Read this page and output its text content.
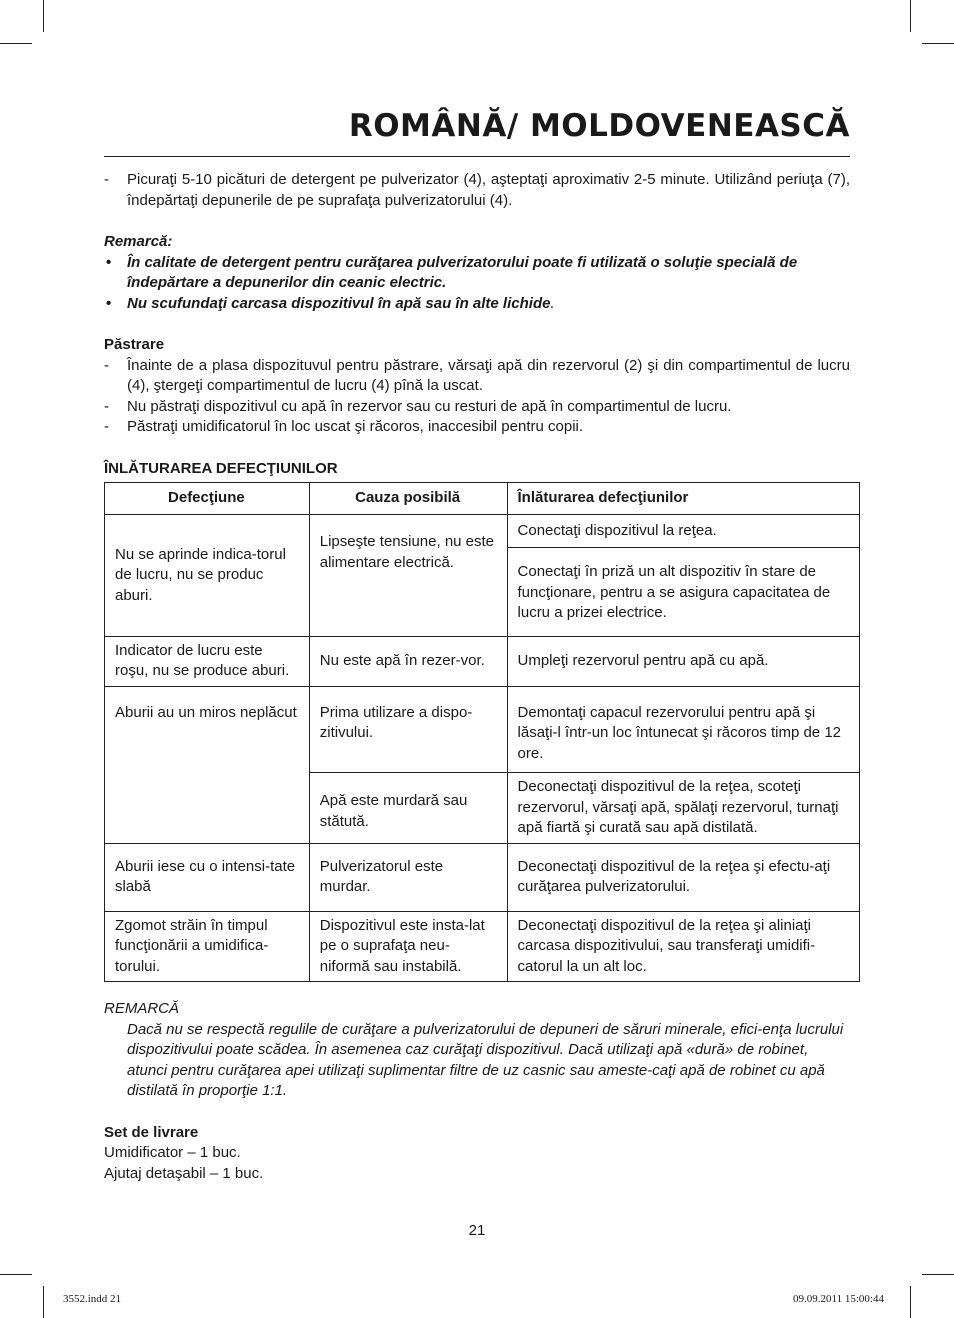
ROMÂNĂ/ MOLDOVENEASCĂ
- Picuraţi 5-10 picături de detergent pe pulverizator (4), aşteptaţi aproximativ 2-5 minute. Utilizând periuţa (7), îndepărtaţi depunerile de pe suprafaţa pulverizatorului (4).
Remarcă:
• În calitate de detergent pentru curăţarea pulverizatorului poate fi utilizată o soluţie specială de îndepărtare a depunerilor din ceanic electric.
• Nu scufundaţi carcasa dispozitivul în apă sau în alte lichide.
Păstrare
- Înainte de a plasa dispozituvul pentru păstrare, vărsaţi apă din rezervorul (2) şi din compartimentul de lucru (4), ştergeţi compartimentul de lucru (4) pînă la uscat.
- Nu păstraţi dispozitivul cu apă în rezervor sau cu resturi de apă în compartimentul de lucru.
- Păstraţi umidificatorul în loc uscat şi răcoros, inaccesibil pentru copii.
ÎNLĂTURAREA DEFECŢIUNILOR
Defecţiune	Cauza posibilă	Înlăturarea defecţiunilor
Nu se aprinde indica-torul de lucru, nu se produc aburi.	Lipseşte tensiune, nu este alimentare electrică.	Conectaţi dispozitivul la reţea.
		Conectaţi în priză un alt dispozitiv în stare de funcţionare, pentru a se asigura capacitatea de lucru a prizei electrice.
Indicator de lucru este roşu, nu se produce aburi.	Nu este apă în rezer-vor.	Umpleţi rezervorul pentru apă cu apă.
Aburii au un miros neplăcut	Prima utilizare a dispo-zitivului.	Demontaţi capacul rezervorului pentru apă şi lăsaţi-l într-un loc întunecat şi răcoros timp de 12 ore.
	Apă este murdară sau stătută.	Deconectaţi dispozitivul de la reţea, scoteţi rezervorul, vărsaţi apă, spălaţi rezervorul, turnaţi apă fiartă şi curată sau apă distilată.
Aburii iese cu o intensi-tate slabă	Pulverizatorul este murdar.	Deconectaţi dispozitivul de la reţea şi efectu-aţi curăţarea pulverizatorului.
Zgomot străin în timpul funcţionării a umidifica-torului.	Dispozitivul este insta-lat pe o suprafaţa neu-niformă sau instabilă.	Deconectaţi dispozitivul de la reţea şi aliniaţi carcasa dispozitivului, sau transferaţi umidifi-catorul la un alt loc.
REMARCĂ
Dacă nu se respectă regulile de curăţare a pulverizatorului de depuneri de săruri minerale, efici-enţa lucrului dispozitivului poate scădea. În asemenea caz curăţaţi dispozitivul. Dacă utilizaţi apă «dură» de robinet, atunci pentru curăţarea apei utilizaţi suplimentar filtre de uz casnic sau ameste-caţi apă de robinet cu apă distilată în proporţie 1:1.
Set de livrare
Umidificator – 1 buc.
Ajutaj detaşabil – 1 buc.
21
3552.indd 21	09.09.2011 15:00:44
